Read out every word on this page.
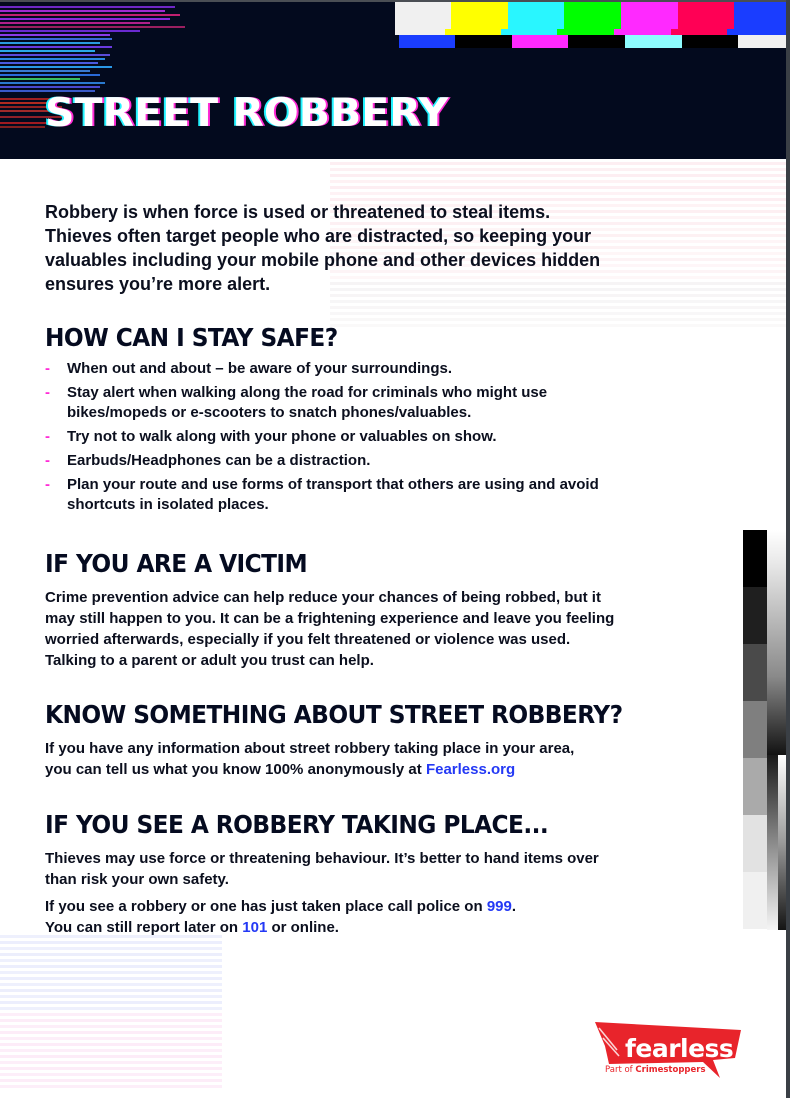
STREET ROBBERY

Robbery is when force is used or threatened to steal items. Thieves often target people who are distracted, so keeping your valuables including your mobile phone and other devices hidden ensures you’re more alert.

HOW CAN I STAY SAFE?
- When out and about – be aware of your surroundings.
- Stay alert when walking along the road for criminals who might use bikes/mopeds or e-scooters to snatch phones/valuables.
- Try not to walk along with your phone or valuables on show.
- Earbuds/Headphones can be a distraction.
- Plan your route and use forms of transport that others are using and avoid shortcuts in isolated places.
IF YOU ARE A VICTIM

Crime prevention advice can help reduce your chances of being robbed, but it may still happen to you. It can be a frightening experience and leave you feeling worried afterwards, especially if you felt threatened or violence was used. Talking to a parent or adult you trust can help.

KNOW SOMETHING ABOUT STREET ROBBERY?

If you have any information about street robbery taking place in your area, you can tell us what you know 100% anonymously at Fearless.org

IF YOU SEE A ROBBERY TAKING PLACE...

Thieves may use force or threatening behaviour. It’s better to hand items over than risk your own safety.

If you see a robbery or one has just taken place call police on 999.
You can still report later on 101 or online.

fearless
Part of Crimestoppers
